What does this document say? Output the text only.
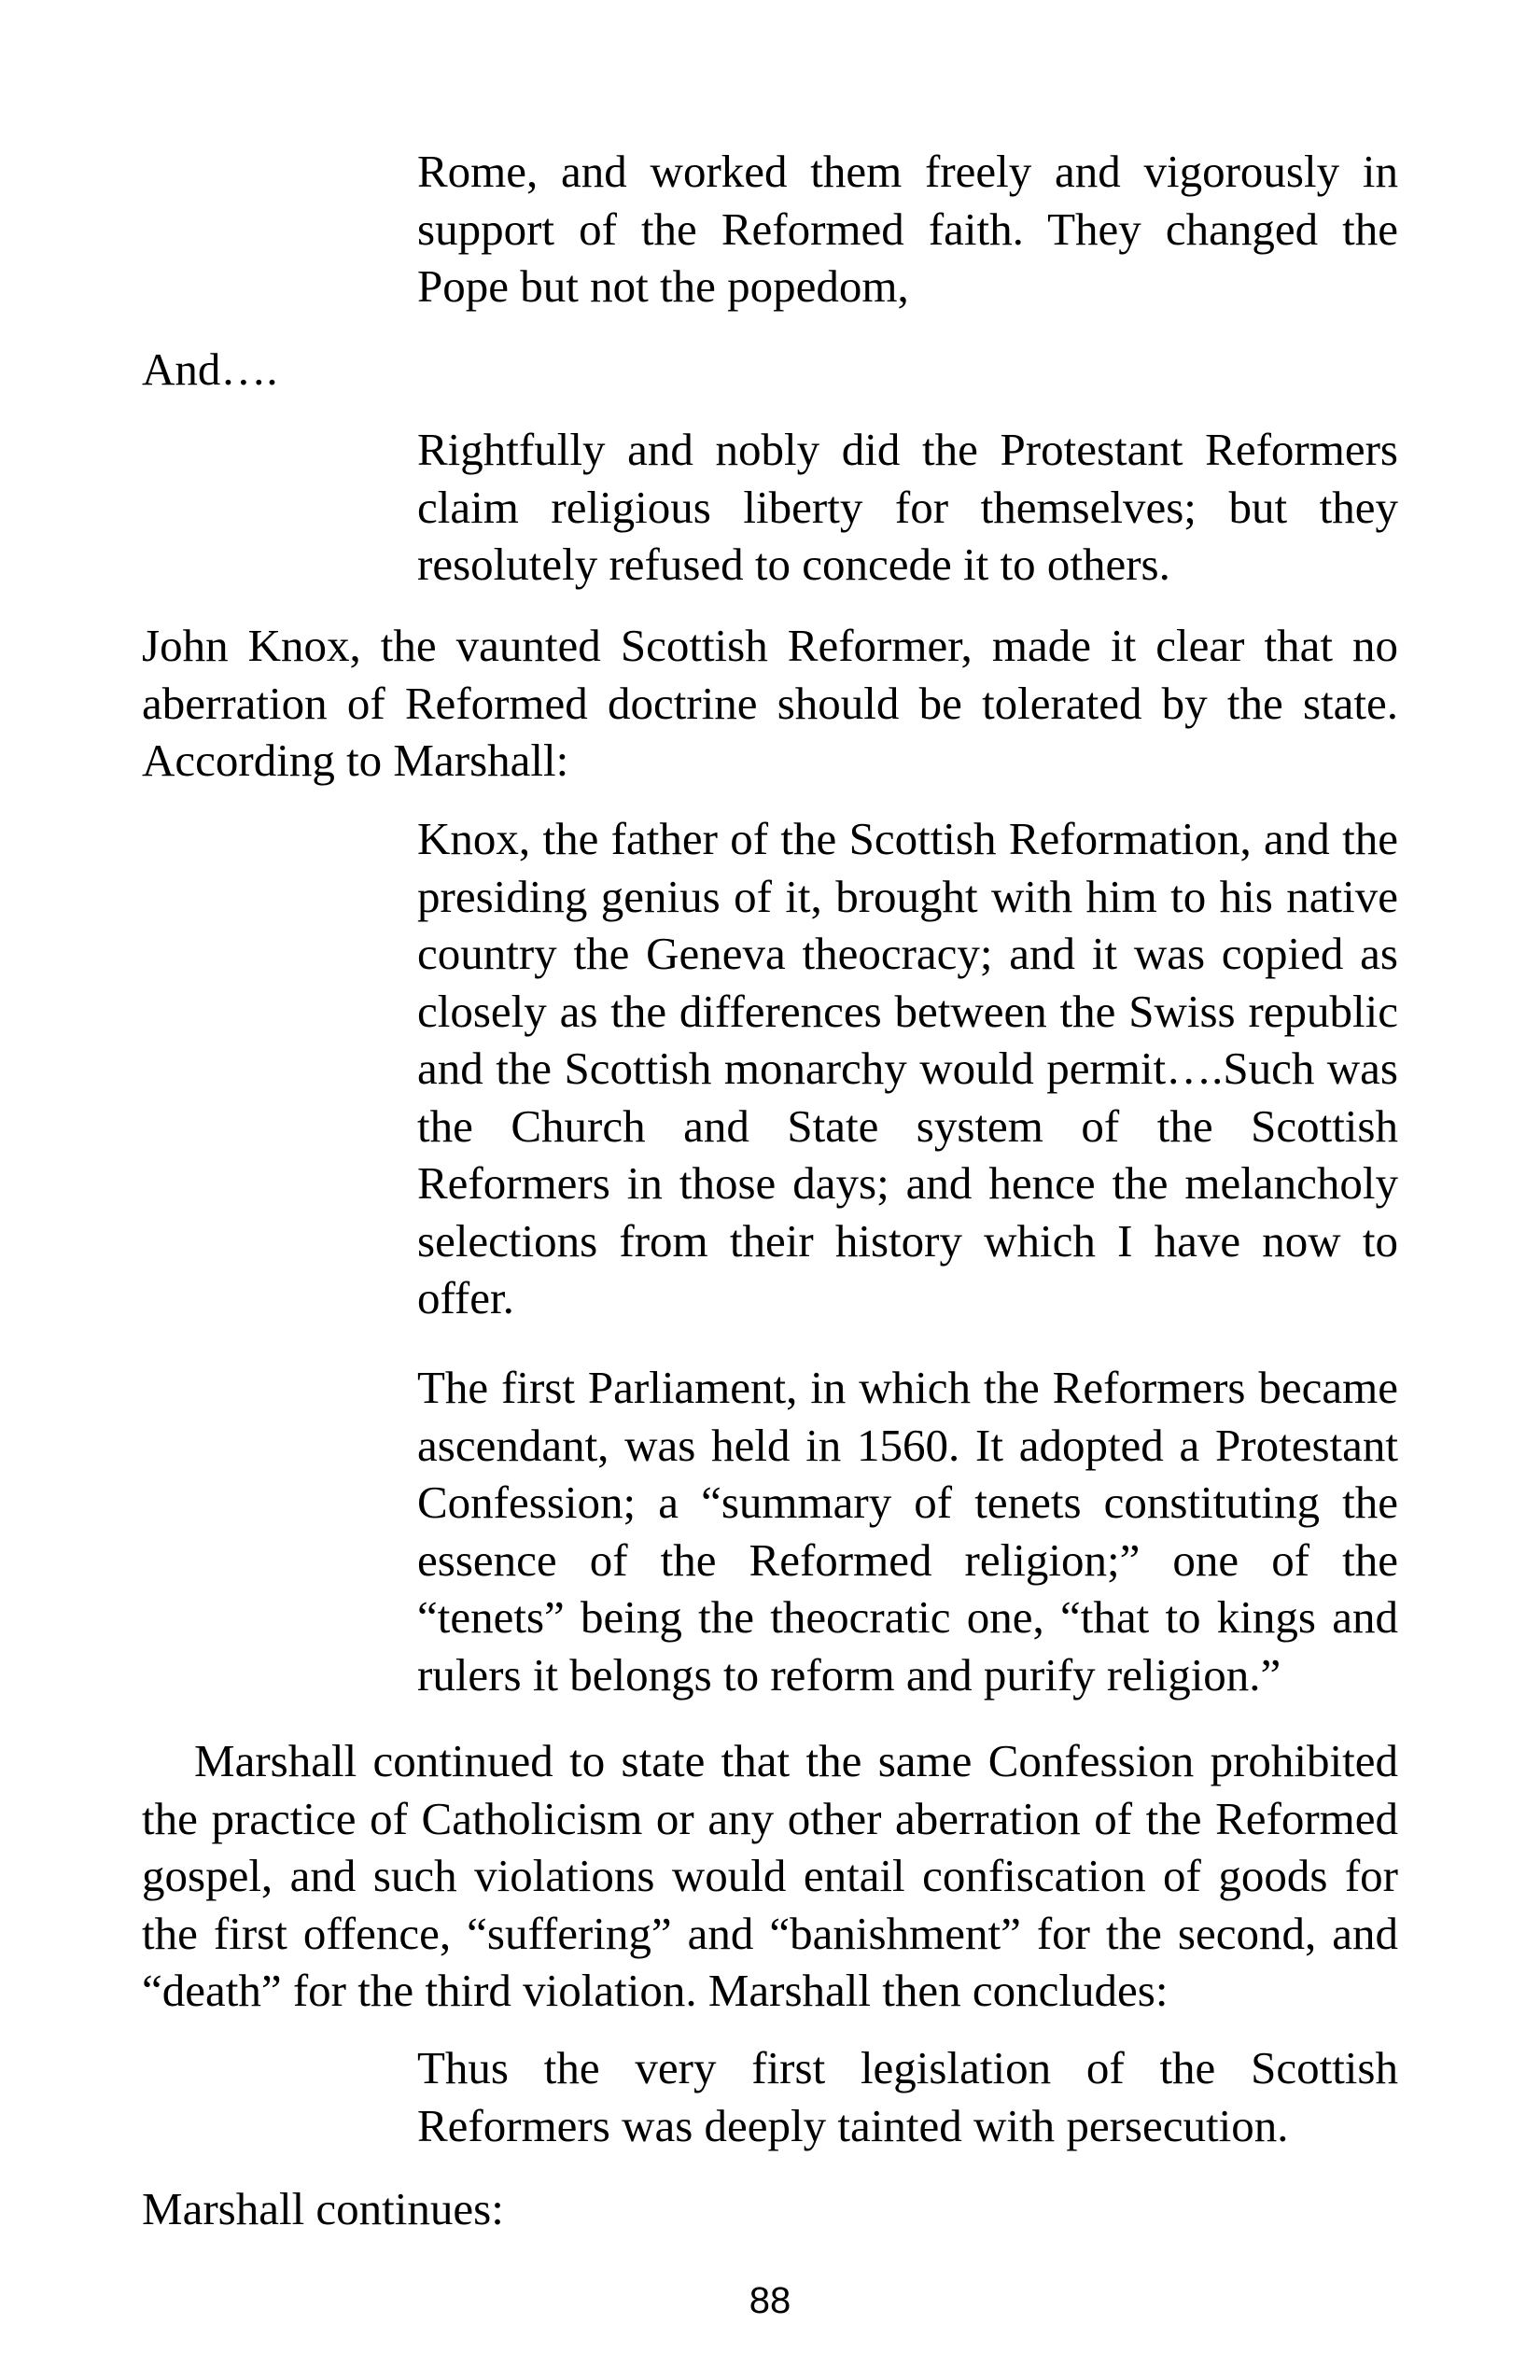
Rome, and worked them freely and vigorously in
support of the Reformed faith. They changed the
Pope but not the popedom,
And….
Rightfully and nobly did the Protestant Reformers
claim religious liberty for themselves; but they
resolutely refused to concede it to others.
John Knox, the vaunted Scottish Reformer, made it clear that no
aberration of Reformed doctrine should be tolerated by the state.
According to Marshall:
Knox, the father of the Scottish Reformation, and the
presiding genius of it, brought with him to his native
country the Geneva theocracy; and it was copied as
closely as the differences between the Swiss republic
and the Scottish monarchy would permit….Such was
the Church and State system of the Scottish
Reformers in those days; and hence the melancholy
selections from their history which I have now to
offer.
The first Parliament, in which the Reformers became
ascendant, was held in 1560. It adopted a Protestant
Confession; a “summary of tenets constituting the
essence of the Reformed religion;” one of the
“tenets” being the theocratic one, “that to kings and
rulers it belongs to reform and purify religion.”
Marshall continued to state that the same Confession prohibited
the practice of Catholicism or any other aberration of the Reformed
gospel, and such violations would entail confiscation of goods for
the first offence, “suffering” and “banishment” for the second, and
“death” for the third violation. Marshall then concludes:
Thus the very first legislation of the Scottish
Reformers was deeply tainted with persecution.
Marshall continues:
88
